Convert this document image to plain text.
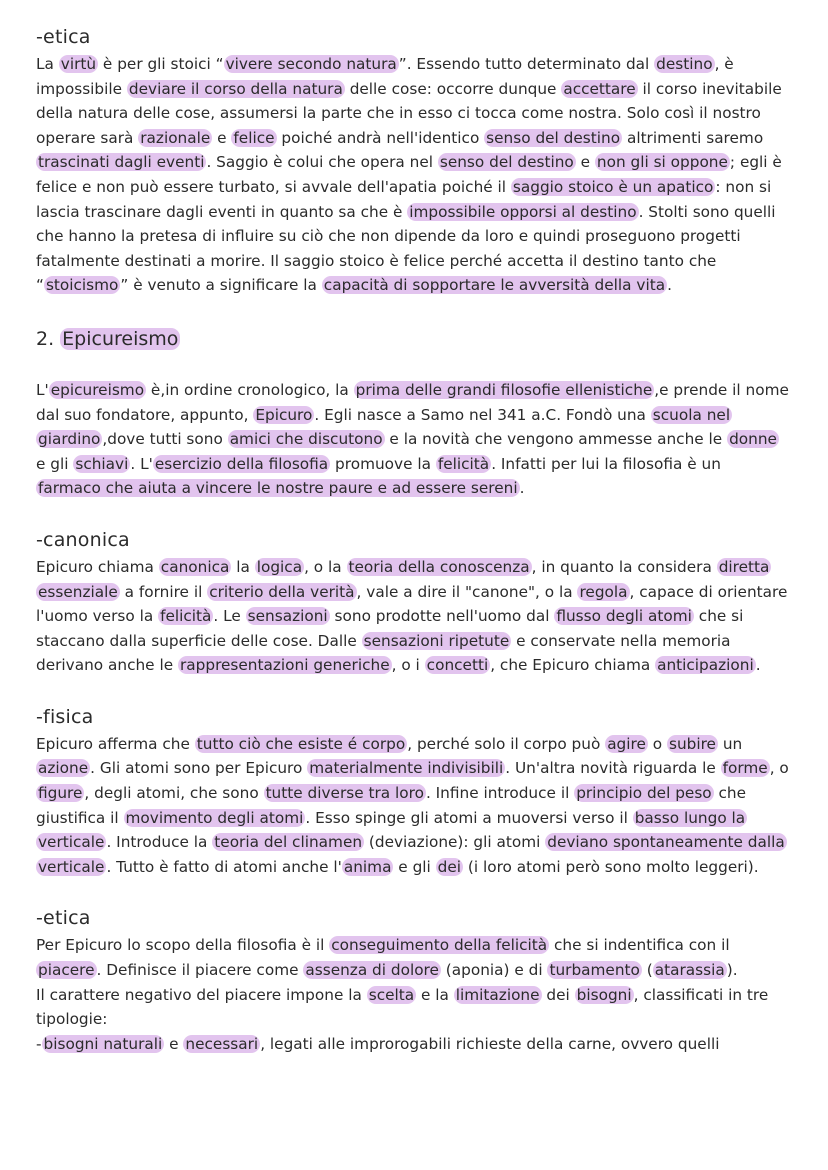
-etica

La virtù è per gli stoici “ vivere secondo natura ”. Essendo tutto determinato dal destino , è impossibile deviare il corso della natura delle cose: occorre dunque accettare il corso inevitabile della natura delle cose, assumersi la parte che in esso ci tocca come nostra. Solo così il nostro operare sarà razionale e felice poiché andrà nell'identico senso del destino altrimenti saremo trascinati dagli eventi . Saggio è colui che opera nel senso del destino e non gli si oppone ; egli è felice e non può essere turbato, si avvale dell'apatia poiché il saggio stoico è un apatico : non si lascia trascinare dagli eventi in quanto sa che è impossibile opporsi al destino . Stolti sono quelli che hanno la pretesa di influire su ciò che non dipende da loro e quindi proseguono progetti fatalmente destinati a morire. Il saggio stoico è felice perché accetta il destino tanto che “ stoicismo ” è venuto a significare la capacità di sopportare le avversità della vita .

2. Epicureismo

L' epicureismo è,in ordine cronologico, la prima delle grandi filosofie ellenistiche ,e prende il nome dal suo fondatore, appunto, Epicuro . Egli nasce a Samo nel 341 a.C. Fondò una scuola nel giardino ,dove tutti sono amici che discutono e la novità che vengono ammesse anche le donne e gli schiavi . L' esercizio della filosofia promuove la felicità . Infatti per lui la filosofia è un farmaco che aiuta a vincere le nostre paure e ad essere sereni .

-canonica

Epicuro chiama canonica la logica , o la teoria della conoscenza , in quanto la considera diretta essenziale a fornire il criterio della verità , vale a dire il "canone", o la regola , capace di orientare l'uomo verso la felicità . Le sensazioni sono prodotte nell'uomo dal flusso degli atomi che si staccano dalla superficie delle cose. Dalle sensazioni ripetute e conservate nella memoria derivano anche le rappresentazioni generiche , o i concetti , che Epicuro chiama anticipazioni .

-fisica

Epicuro afferma che tutto ciò che esiste é corpo , perché solo il corpo può agire o subire un azione . Gli atomi sono per Epicuro materialmente indivisibili . Un'altra novità riguarda le forme , o figure , degli atomi, che sono tutte diverse tra loro . Infine introduce il principio del peso che giustifica il movimento degli atomi . Esso spinge gli atomi a muoversi verso il basso lungo la verticale . Introduce la teoria del clinamen (deviazione): gli atomi deviano spontaneamente dalla verticale . Tutto è fatto di atomi anche l' anima e gli dei (i loro atomi però sono molto leggeri).

-etica

Per Epicuro lo scopo della filosofia è il conseguimento della felicità che si indentifica con il piacere . Definisce il piacere come assenza di dolore (aponia) e di turbamento ( atarassia ).
Il carattere negativo del piacere impone la scelta e la limitazione dei bisogni , classificati in tre tipologie:
- bisogni naturali e necessari , legati alle improrogabili richieste della carne, ovvero quelli
